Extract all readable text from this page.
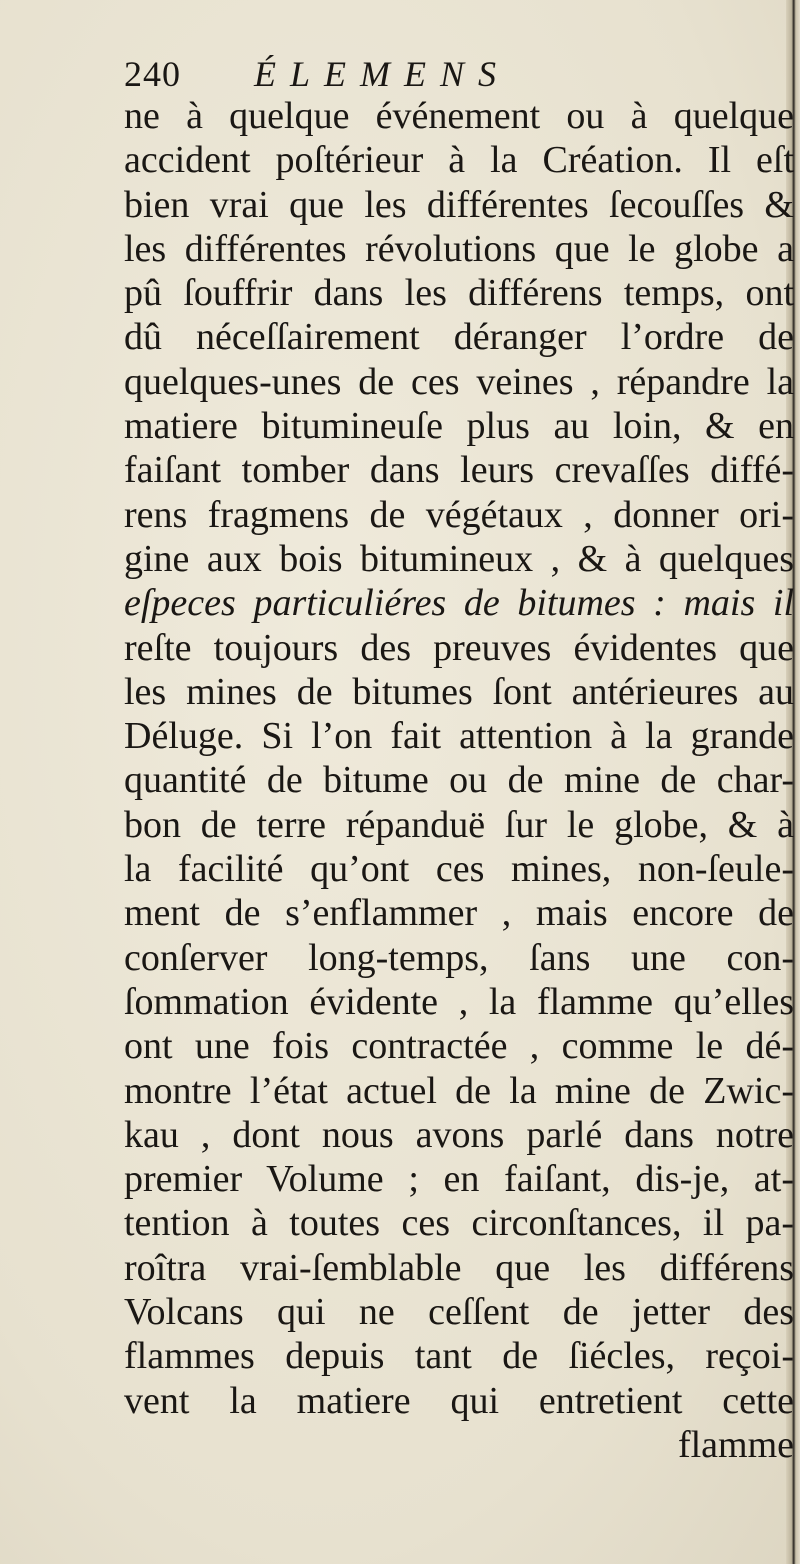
240 ÉLEMENS
ne à quelque événement ou à quelque
accident poſtérieur à la Création. Il eſt
bien vrai que les différentes ſecouſſes &
les différentes révolutions que le globe a
pû ſouffrir dans les différens temps, ont
dû néceſſairement déranger l’ordre de
quelques-unes de ces veines , répandre la
matiere bitumineuſe plus au loin, & en
faiſant tomber dans leurs crevaſſes diffé-
rens fragmens de végétaux , donner ori-
gine aux bois bitumineux , & à quelques
eſpeces particuliéres de bitumes : mais il
reſte toujours des preuves évidentes que
les mines de bitumes ſont antérieures au
Déluge. Si l’on fait attention à la grande
quantité de bitume ou de mine de char-
bon de terre répanduë ſur le globe, & à
la facilité qu’ont ces mines, non-ſeule-
ment de s’enflammer , mais encore de
conſerver long-temps, ſans une con-
ſommation évidente , la flamme qu’elles
ont une fois contractée , comme le dé-
montre l’état actuel de la mine de Zwic-
kau , dont nous avons parlé dans notre
premier Volume ; en faiſant, dis-je, at-
tention à toutes ces circonſtances, il pa-
roîtra vrai-ſemblable que les différens
Volcans qui ne ceſſent de jetter des
flammes depuis tant de ſiécles, reçoi-
vent la matiere qui entretient cette
flamme
